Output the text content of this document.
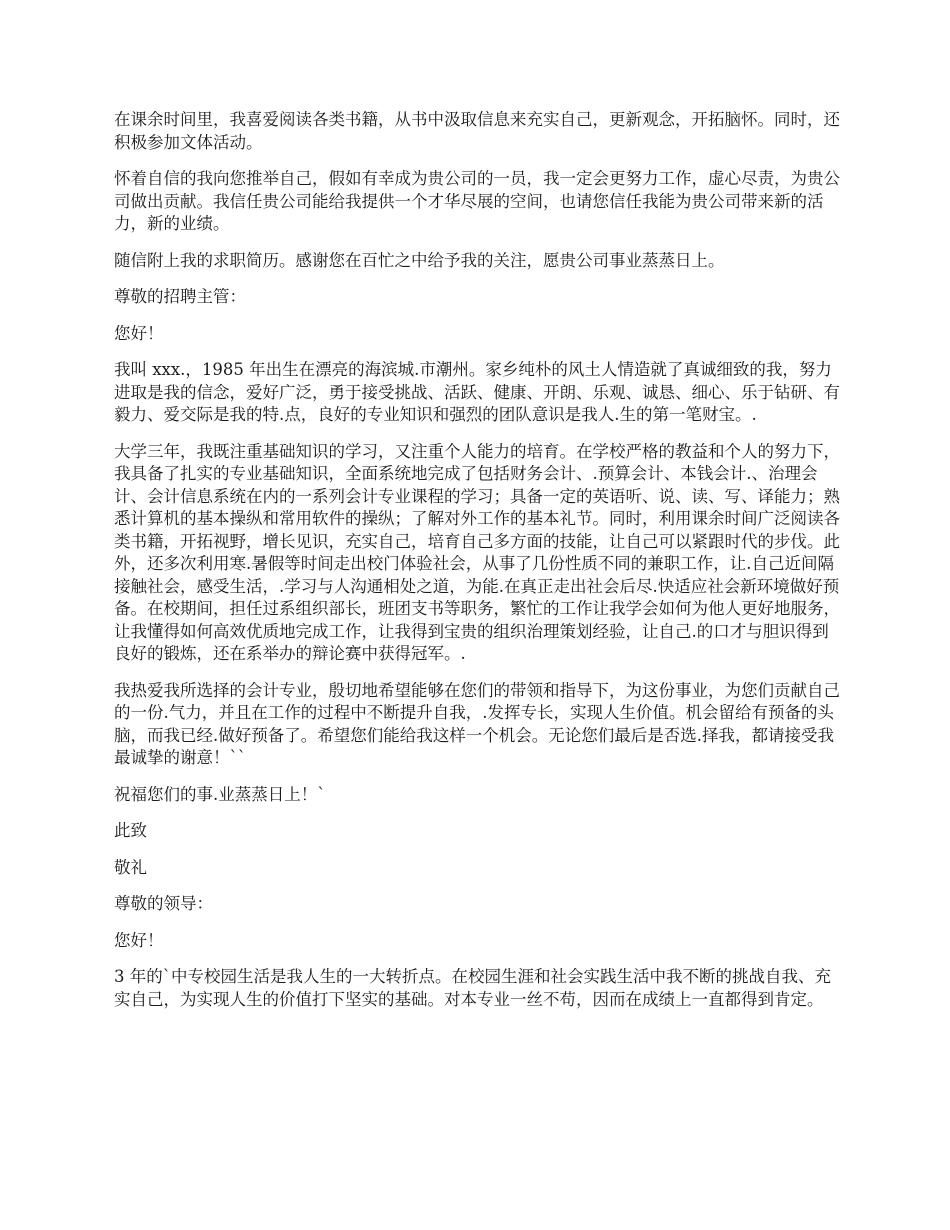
在课余时间里，我喜爱阅读各类书籍，从书中汲取信息来充实自己，更新观念，开拓脑怀。同时，还积极参加文体活动。

怀着自信的我向您推举自己，假如有幸成为贵公司的一员，我一定会更努力工作，虚心尽责，为贵公司做出贡献。我信任贵公司能给我提供一个才华尽展的空间，也请您信任我能为贵公司带来新的活力，新的业绩。

随信附上我的求职简历。感谢您在百忙之中给予我的关注，愿贵公司事业蒸蒸日上。

尊敬的招聘主管：

您好！

我叫 xxx.，1985 年出生在漂亮的海滨城.市潮州。家乡纯朴的风土人情造就了真诚细致的我，努力进取是我的信念，爱好广泛，勇于接受挑战、活跃、健康、开朗、乐观、诚恳、细心、乐于钻研、有毅力、爱交际是我的特.点，良好的专业知识和强烈的团队意识是我人.生的第一笔财宝。.

大学三年，我既注重基础知识的学习，又注重个人能力的培育。在学校严格的教益和个人的努力下，我具备了扎实的专业基础知识，全面系统地完成了包括财务会计、.预算会计、本钱会计.、治理会计、会计信息系统在内的一系列会计专业课程的学习；具备一定的英语听、说、读、写、译能力；熟悉计算机的基本操纵和常用软件的操纵；了解对外工作的基本礼节。同时，利用课余时间广泛阅读各类书籍，开拓视野，增长见识，充实自己，培育自己多方面的技能，让自己可以紧跟时代的步伐。此外，还多次利用寒.暑假等时间走出校门体验社会，从事了几份性质不同的兼职工作，让.自己近间隔接触社会，感受生活，.学习与人沟通相处之道，为能.在真正走出社会后尽.快适应社会新环境做好预备。在校期间，担任过系组织部长，班团支书等职务，繁忙的工作让我学会如何为他人更好地服务，让我懂得如何高效优质地完成工作，让我得到宝贵的组织治理策划经验，让自己.的口才与胆识得到良好的锻炼，还在系举办的辩论赛中获得冠军。.

我热爱我所选择的会计专业，殷切地希望能够在您们的带领和指导下，为这份事业，为您们贡献自己的一份.气力，并且在工作的过程中不断提升自我，.发挥专长，实现人生价值。机会留给有预备的头脑，而我已经.做好预备了。希望您们能给我这样一个机会。无论您们最后是否选.择我，都请接受我最诚挚的谢意！``

祝福您们的事.业蒸蒸日上！`

此致

敬礼

尊敬的领导：

您好！

3 年的`中专校园生活是我人生的一大转折点。在校园生涯和社会实践生活中我不断的挑战自我、充实自己，为实现人生的价值打下坚实的基础。对本专业一丝不苟，因而在成绩上一直都得到肯定。
